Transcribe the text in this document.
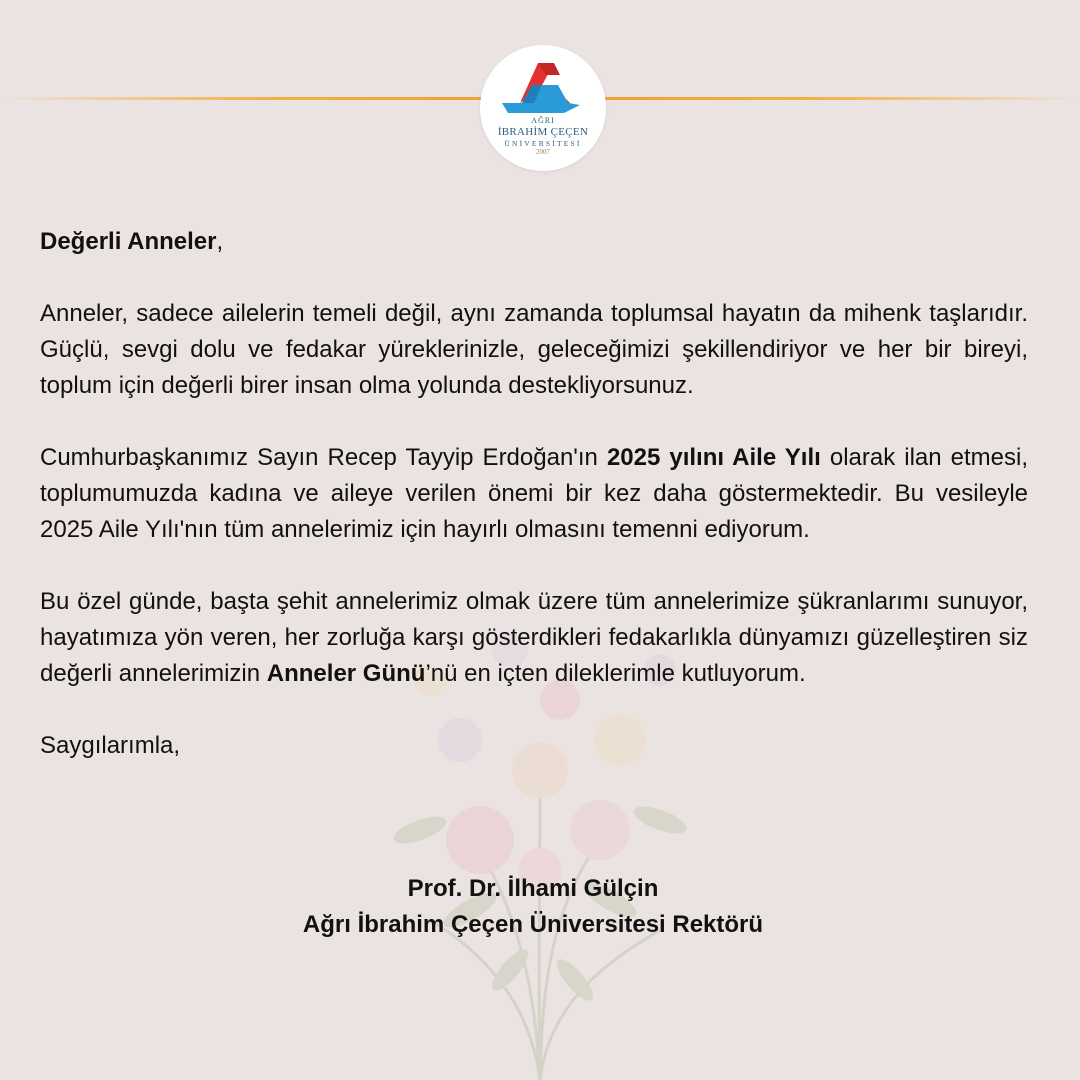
AĞRI
İBRAHİM ÇEÇEN
ÜNİVERSİTESİ
2007

Değerli Anneler,

Anneler, sadece ailelerin temeli değil, aynı zamanda toplumsal hayatın da mihenk taşlarıdır. Güçlü, sevgi dolu ve fedakar yüreklerinizle, geleceğimizi şekillendiriyor ve her bir bireyi, toplum için değerli birer insan olma yolunda destekliyorsunuz.

Cumhurbaşkanımız Sayın Recep Tayyip Erdoğan'ın 2025 yılını Aile Yılı olarak ilan etmesi, toplumumuzda kadına ve aileye verilen önemi bir kez daha göstermektedir. Bu vesileyle 2025 Aile Yılı'nın tüm annelerimiz için hayırlı olmasını temenni ediyorum.

Bu özel günde, başta şehit annelerimiz olmak üzere tüm annelerimize şükranlarımı sunuyor, hayatımıza yön veren, her zorluğa karşı gösterdikleri fedakarlıkla dünyamızı güzelleştiren siz değerli annelerimizin Anneler Günü’nü en içten dileklerimle kutluyorum.

Saygılarımla,

Prof. Dr. İlhami Gülçin
Ağrı İbrahim Çeçen Üniversitesi Rektörü
